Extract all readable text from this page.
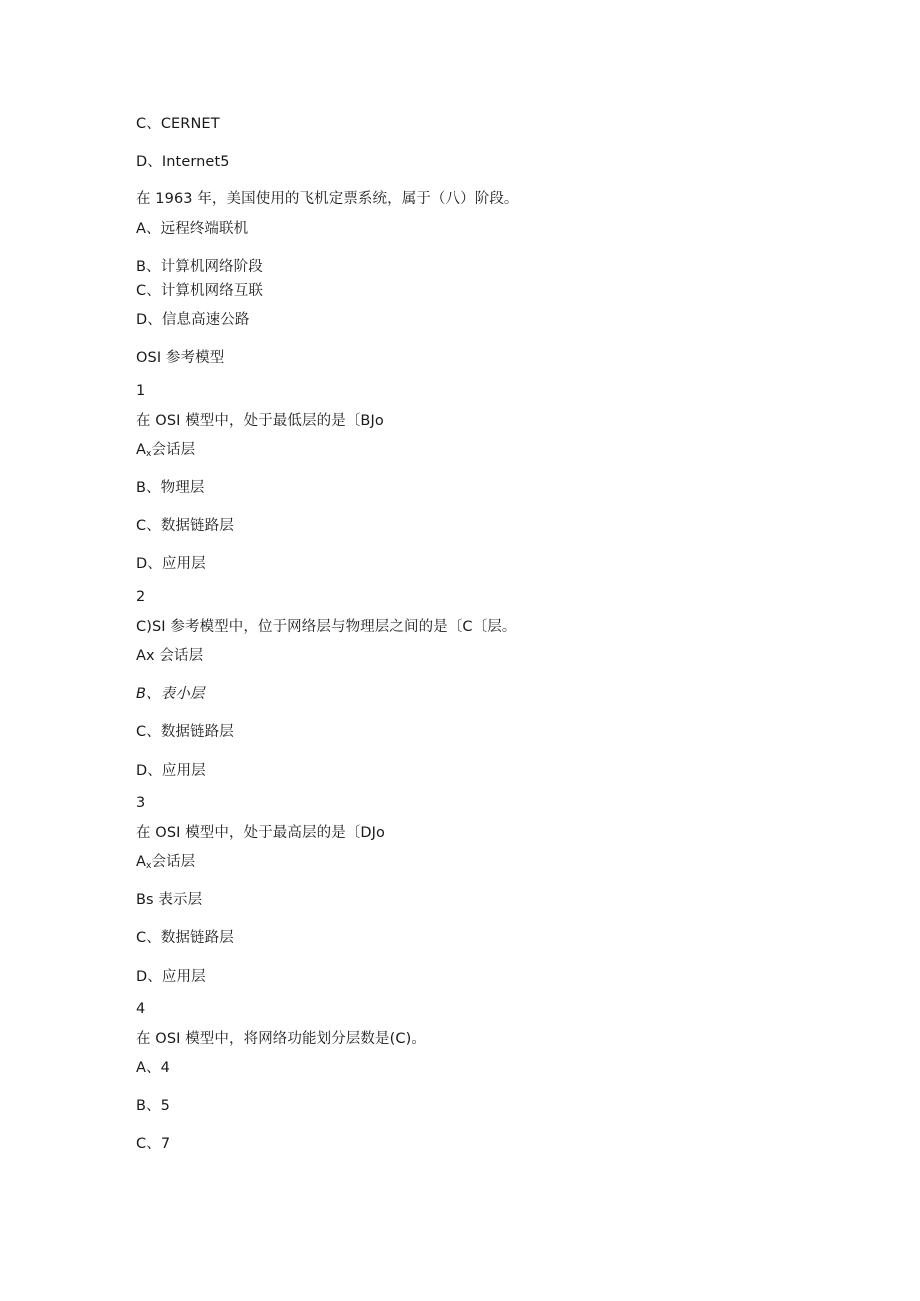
C、CERNET
D、Internet5
在 1963 年，美国使用的飞机定票系统，属于（八）阶段。
A、远程终端联机
B、计算机网络阶段
C、计算机网络互联
D、信息高速公路
OSI 参考模型
1
在 OSI 模型中，处于最低层的是〔BJo
$A_x$会话层
B、物理层
C、数据链路层
D、应用层
2
C)SI 参考模型中，位于网络层与物理层之间的是〔C〔层。
Ax 会话层
B、表小层
C、数据链路层
D、应用层
3
在 OSI 模型中，处于最高层的是〔DJo
$A_x$会话层
Bs 表示层
C、数据链路层
D、应用层
4
在 OSI 模型中，将网络功能划分层数是(C)。
A、4
B、5
C、7
